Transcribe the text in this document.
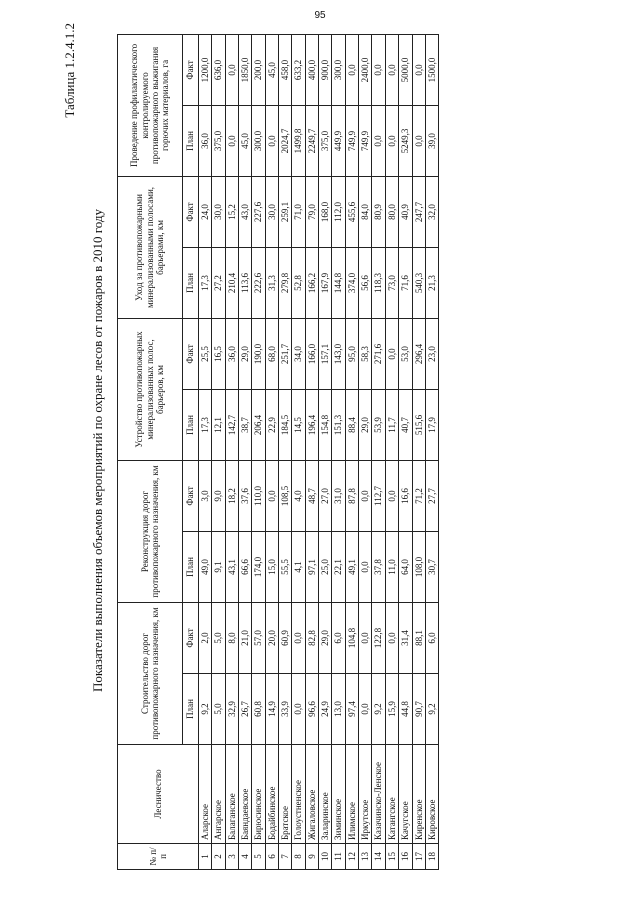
95
Таблица 1.2.4.1.2
Показатели выполнения объемов мероприятий по охране лесов от пожаров в 2010 году
№ п/п	Лесничество	Строительство дорог противопожарного назначения, км		Реконструкция дорог противопожарного назначения, км		Устройство противопожарных минерализованных полос, барьеров, км		Уход за противопожарными минерализованными полосами, барьерами, км		Проведение профилактического контролируемого противопожарного выжигания горючих материалов, га	
		План	Факт	План	Факт	План	Факт	План	Факт	План	Факт
1	Аларское	9,2	2,0	49,0	3,0	17,3	25,5	17,3	24,0	36,0	1200,0
2	Ангарское	5,0	5,0	9,1	9,0	12,1	16,5	27,2	30,0	375,0	636,0
3	Балаганское	32,9	8,0	43,1	18,2	142,7	36,0	210,4	15,2	0,0	0,0
4	Баяндаевское	26,7	21,0	66,6	37,6	38,7	29,0	113,6	43,0	45,0	1850,0
5	Бирюсинское	60,8	57,0	174,0	110,0	206,4	190,0	222,6	227,6	300,0	200,0
6	Бодайбинское	14,9	20,0	15,0	0,0	22,9	68,0	31,3	30,0	0,0	45,0
7	Братское	33,9	60,9	55,5	108,5	184,5	251,7	279,8	259,1	2024,7	458,0
8	Голоустненское	0,0	0,0	4,1	4,0	14,5	34,0	52,8	71,0	1499,8	633,2
9	Жигаловское	96,6	82,8	97,1	48,7	196,4	166,0	166,2	79,0	2249,7	400,0
10	Заларинское	24,9	29,0	25,0	27,0	154,8	157,1	167,9	168,0	375,0	900,0
11	Зиминское	13,0	6,0	22,1	31,0	151,3	143,0	144,8	112,0	449,9	300,0
12	Илимское	97,4	104,8	49,1	87,8	88,4	95,0	374,0	455,6	749,9	0,0
13	Иркутское	0,0	0,0	0,0	0,0	29,0	58,3	56,6	84,0	749,9	2400,0
14	Казачинско-Ленское	9,2	122,8	37,8	112,7	53,9	271,6	118,3	80,9	0,0	0,0
15	Катангское	15,9	0,0	11,0	0,0	11,7	0,0	73,0	80,0	0,0	0,0
16	Качугское	44,8	31,4	64,0	16,6	40,7	53,0	71,6	40,9	5249,3	5000,0
17	Киренское	90,7	88,1	108,0	71,2	515,6	296,4	540,3	247,7	0,0	0,0
18	Кировское	9,2	6,0	30,7	27,7	17,9	23,0	21,3	32,0	39,0	1500,0
